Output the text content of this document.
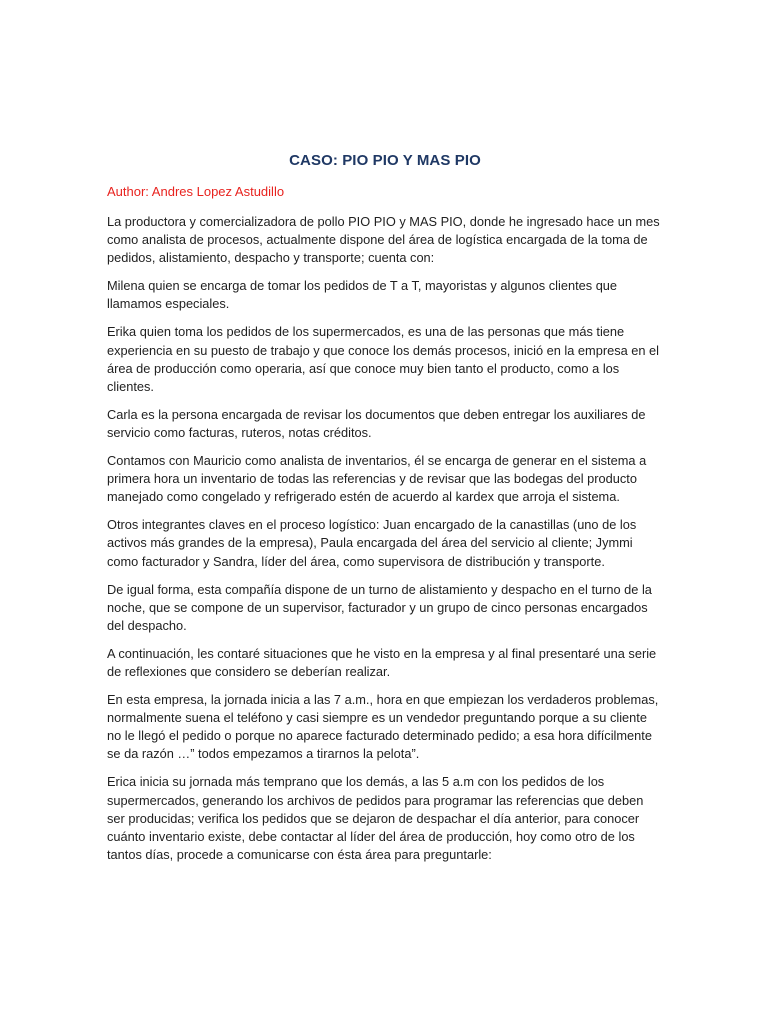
CASO: PIO PIO Y MAS PIO
Author: Andres Lopez Astudillo

La productora y comercializadora de pollo PIO PIO y MAS PIO, donde he ingresado hace un mes como analista de procesos, actualmente dispone del área de logística encargada de la toma de pedidos, alistamiento, despacho y transporte; cuenta con:

Milena quien se encarga de tomar los pedidos de T a T, mayoristas y algunos clientes que llamamos especiales.

Erika quien toma los pedidos de los supermercados, es una de las personas que más tiene experiencia en su puesto de trabajo y que conoce los demás procesos, inició en la empresa en el área de producción como operaria, así que conoce muy bien tanto el producto, como a los clientes.

Carla es la persona encargada de revisar los documentos que deben entregar los auxiliares de servicio como facturas, ruteros, notas créditos.

Contamos con Mauricio como analista de inventarios, él se encarga de generar en el sistema a primera hora un inventario de todas las referencias y de revisar que las bodegas del producto manejado como congelado y refrigerado estén de acuerdo al kardex que arroja el sistema.

Otros integrantes claves en el proceso logístico: Juan encargado de la canastillas (uno de los activos más grandes de la empresa), Paula encargada del área del servicio al cliente; Jymmi como facturador y Sandra, líder del área, como supervisora de distribución y transporte.

De igual forma, esta compañía dispone de un turno de alistamiento y despacho en el turno de la noche, que se compone de un supervisor, facturador y un grupo de cinco personas encargados del despacho.

A continuación, les contaré situaciones que he visto en la empresa y al final presentaré una serie de reflexiones que considero se deberían realizar.

En esta empresa, la jornada inicia a las 7 a.m., hora en que empiezan los verdaderos problemas, normalmente suena el teléfono y casi siempre es un vendedor preguntando porque a su cliente no le llegó el pedido o porque no aparece facturado determinado pedido; a esa hora difícilmente se da razón …” todos empezamos a tirarnos la pelota”.

Erica inicia su jornada más temprano que los demás, a las 5 a.m con los pedidos de los supermercados, generando los archivos de pedidos para programar las referencias que deben ser producidas; verifica los pedidos que se dejaron de despachar el día anterior, para conocer cuánto inventario existe, debe contactar al líder del área de producción, hoy como otro de los tantos días, procede a comunicarse con ésta área para preguntarle:
